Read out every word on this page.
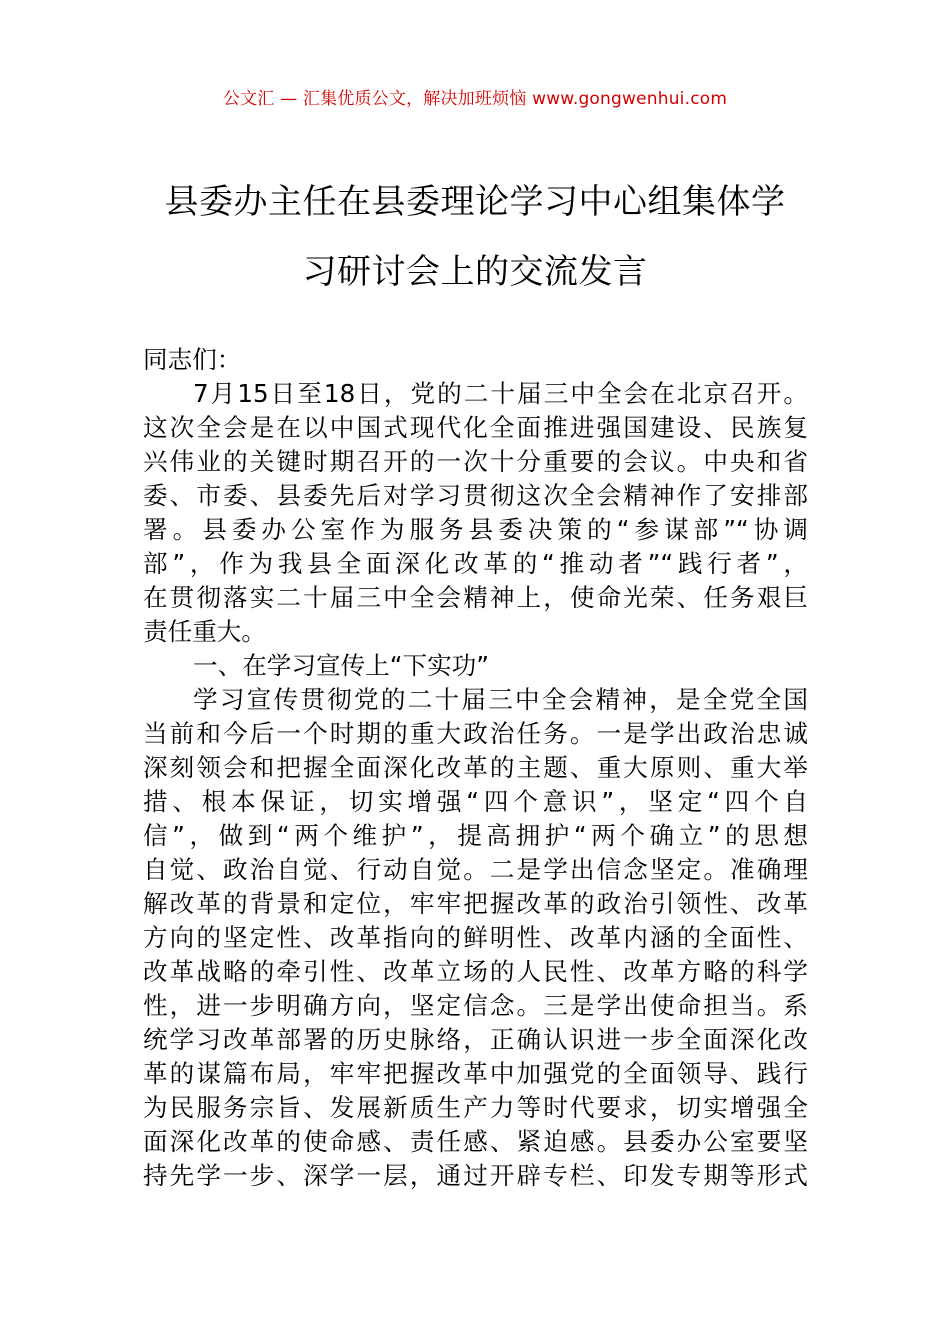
公文汇 — 汇集优质公文，解决加班烦恼 www.gongwenhui.com
县委办主任在县委理论学习中心组集体学
习研讨会上的交流发言
同志们：
7月15日至18日，党的二十届三中全会在北京召开。
这次全会是在以中国式现代化全面推进强国建设、民族复
兴伟业的关键时期召开的一次十分重要的会议。中央和省
委、市委、县委先后对学习贯彻这次全会精神作了安排部
署。县委办公室作为服务县委决策的“参谋部”“协调
部”，作为我县全面深化改革的“推动者”“践行者”，
在贯彻落实二十届三中全会精神上，使命光荣、任务艰巨
责任重大。
一、在学习宣传上“下实功”
学习宣传贯彻党的二十届三中全会精神，是全党全国
当前和今后一个时期的重大政治任务。一是学出政治忠诚
深刻领会和把握全面深化改革的主题、重大原则、重大举
措、根本保证，切实增强“四个意识”，坚定“四个自
信”，做到“两个维护”，提高拥护“两个确立”的思想
自觉、政治自觉、行动自觉。二是学出信念坚定。准确理
解改革的背景和定位，牢牢把握改革的政治引领性、改革
方向的坚定性、改革指向的鲜明性、改革内涵的全面性、
改革战略的牵引性、改革立场的人民性、改革方略的科学
性，进一步明确方向，坚定信念。三是学出使命担当。系
统学习改革部署的历史脉络，正确认识进一步全面深化改
革的谋篇布局，牢牢把握改革中加强党的全面领导、践行
为民服务宗旨、发展新质生产力等时代要求，切实增强全
面深化改革的使命感、责任感、紧迫感。县委办公室要坚
持先学一步、深学一层，通过开辟专栏、印发专期等形式
